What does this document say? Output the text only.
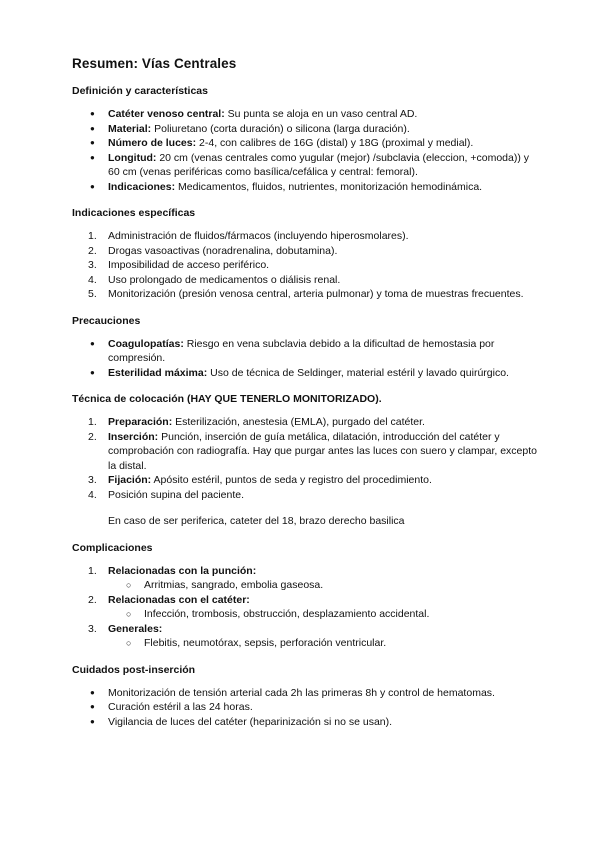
Resumen: Vías Centrales
Definición y características
● Catéter venoso central: Su punta se aloja en un vaso central AD.
● Material: Poliuretano (corta duración) o silicona (larga duración).
● Número de luces: 2-4, con calibres de 16G (distal) y 18G (proximal y medial).
● Longitud: 20 cm (venas centrales como yugular (mejor) /subclavia (eleccion, +comoda)) y 60 cm (venas periféricas como basílica/cefálica y central: femoral).
● Indicaciones: Medicamentos, fluidos, nutrientes, monitorización hemodinámica.
Indicaciones específicas
1. Administración de fluidos/fármacos (incluyendo hiperosmolares).
2. Drogas vasoactivas (noradrenalina, dobutamina).
3. Imposibilidad de acceso periférico.
4. Uso prolongado de medicamentos o diálisis renal.
5. Monitorización (presión venosa central, arteria pulmonar) y toma de muestras frecuentes.
Precauciones
● Coagulopatías: Riesgo en vena subclavia debido a la dificultad de hemostasia por compresión.
● Esterilidad máxima: Uso de técnica de Seldinger, material estéril y lavado quirúrgico.
Técnica de colocación (HAY QUE TENERLO MONITORIZADO).
1. Preparación: Esterilización, anestesia (EMLA), purgado del catéter.
2. Inserción: Punción, inserción de guía metálica, dilatación, introducción del catéter y comprobación con radiografía. Hay que purgar antes las luces con suero y clampar, excepto la distal.
3. Fijación: Apósito estéril, puntos de seda y registro del procedimiento.
4. Posición supina del paciente.
En caso de ser periferica, cateter del 18, brazo derecho basilica
Complicaciones
1. Relacionadas con la punción:
○ Arritmias, sangrado, embolia gaseosa.
2. Relacionadas con el catéter:
○ Infección, trombosis, obstrucción, desplazamiento accidental.
3. Generales:
○ Flebitis, neumotórax, sepsis, perforación ventricular.
Cuidados post-inserción
● Monitorización de tensión arterial cada 2h las primeras 8h y control de hematomas.
● Curación estéril a las 24 horas.
● Vigilancia de luces del catéter (heparinización si no se usan).
